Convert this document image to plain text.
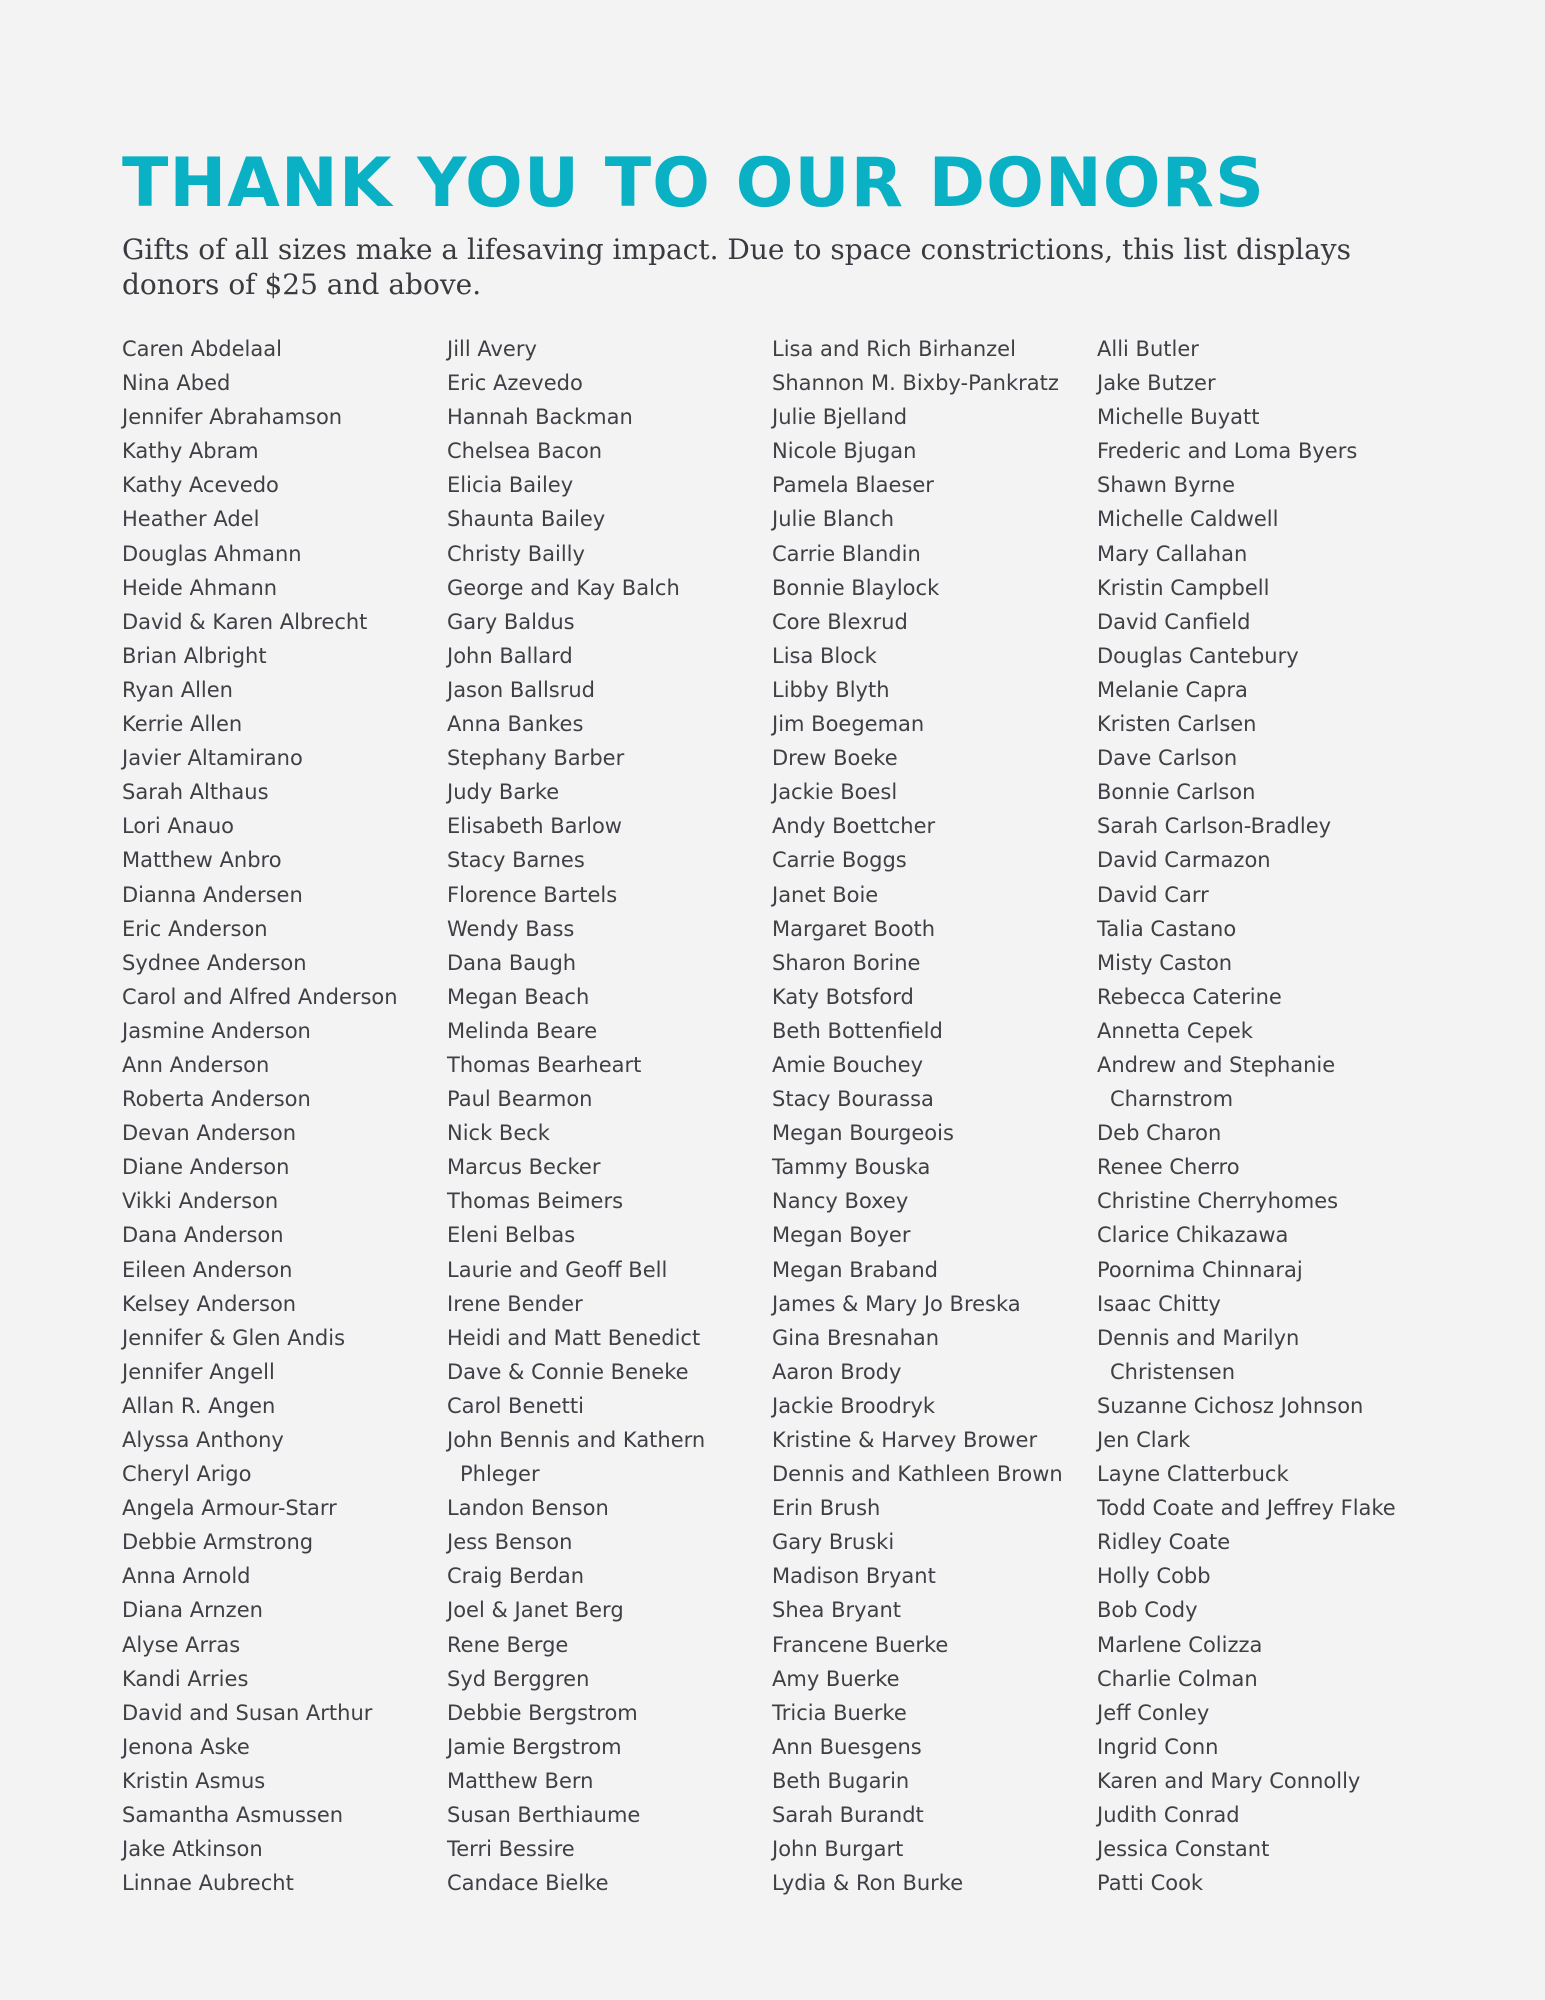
THANK YOU TO OUR DONORS

Gifts of all sizes make a lifesaving impact. Due to space constrictions, this list displays donors of $25 and above.

Caren Abdelaal
Nina Abed
Jennifer Abrahamson
Kathy Abram
Kathy Acevedo
Heather Adel
Douglas Ahmann
Heide Ahmann
David & Karen Albrecht
Brian Albright
Ryan Allen
Kerrie Allen
Javier Altamirano
Sarah Althaus
Lori Anauo
Matthew Anbro
Dianna Andersen
Eric Anderson
Sydnee Anderson
Carol and Alfred Anderson
Jasmine Anderson
Ann Anderson
Roberta Anderson
Devan Anderson
Diane Anderson
Vikki Anderson
Dana Anderson
Eileen Anderson
Kelsey Anderson
Jennifer & Glen Andis
Jennifer Angell
Allan R. Angen
Alyssa Anthony
Cheryl Arigo
Angela Armour-Starr
Debbie Armstrong
Anna Arnold
Diana Arnzen
Alyse Arras
Kandi Arries
David and Susan Arthur
Jenona Aske
Kristin Asmus
Samantha Asmussen
Jake Atkinson
Linnae Aubrecht
Jill Avery
Eric Azevedo
Hannah Backman
Chelsea Bacon
Elicia Bailey
Shaunta Bailey
Christy Bailly
George and Kay Balch
Gary Baldus
John Ballard
Jason Ballsrud
Anna Bankes
Stephany Barber
Judy Barke
Elisabeth Barlow
Stacy Barnes
Florence Bartels
Wendy Bass
Dana Baugh
Megan Beach
Melinda Beare
Thomas Bearheart
Paul Bearmon
Nick Beck
Marcus Becker
Thomas Beimers
Eleni Belbas
Laurie and Geoff Bell
Irene Bender
Heidi and Matt Benedict
Dave & Connie Beneke
Carol Benetti
John Bennis and Kathern
Phleger
Landon Benson
Jess Benson
Craig Berdan
Joel & Janet Berg
Rene Berge
Syd Berggren
Debbie Bergstrom
Jamie Bergstrom
Matthew Bern
Susan Berthiaume
Terri Bessire
Candace Bielke
Lisa and Rich Birhanzel
Shannon M. Bixby-Pankratz
Julie Bjelland
Nicole Bjugan
Pamela Blaeser
Julie Blanch
Carrie Blandin
Bonnie Blaylock
Core Blexrud
Lisa Block
Libby Blyth
Jim Boegeman
Drew Boeke
Jackie Boesl
Andy Boettcher
Carrie Boggs
Janet Boie
Margaret Booth
Sharon Borine
Katy Botsford
Beth Bottenfield
Amie Bouchey
Stacy Bourassa
Megan Bourgeois
Tammy Bouska
Nancy Boxey
Megan Boyer
Megan Braband
James & Mary Jo Breska
Gina Bresnahan
Aaron Brody
Jackie Broodryk
Kristine & Harvey Brower
Dennis and Kathleen Brown
Erin Brush
Gary Bruski
Madison Bryant
Shea Bryant
Francene Buerke
Amy Buerke
Tricia Buerke
Ann Buesgens
Beth Bugarin
Sarah Burandt
John Burgart
Lydia & Ron Burke
Alli Butler
Jake Butzer
Michelle Buyatt
Frederic and Loma Byers
Shawn Byrne
Michelle Caldwell
Mary Callahan
Kristin Campbell
David Canfield
Douglas Cantebury
Melanie Capra
Kristen Carlsen
Dave Carlson
Bonnie Carlson
Sarah Carlson-Bradley
David Carmazon
David Carr
Talia Castano
Misty Caston
Rebecca Caterine
Annetta Cepek
Andrew and Stephanie
Charnstrom
Deb Charon
Renee Cherro
Christine Cherryhomes
Clarice Chikazawa
Poornima Chinnaraj
Isaac Chitty
Dennis and Marilyn
Christensen
Suzanne Cichosz Johnson
Jen Clark
Layne Clatterbuck
Todd Coate and Jeffrey Flake
Ridley Coate
Holly Cobb
Bob Cody
Marlene Colizza
Charlie Colman
Jeff Conley
Ingrid Conn
Karen and Mary Connolly
Judith Conrad
Jessica Constant
Patti Cook
